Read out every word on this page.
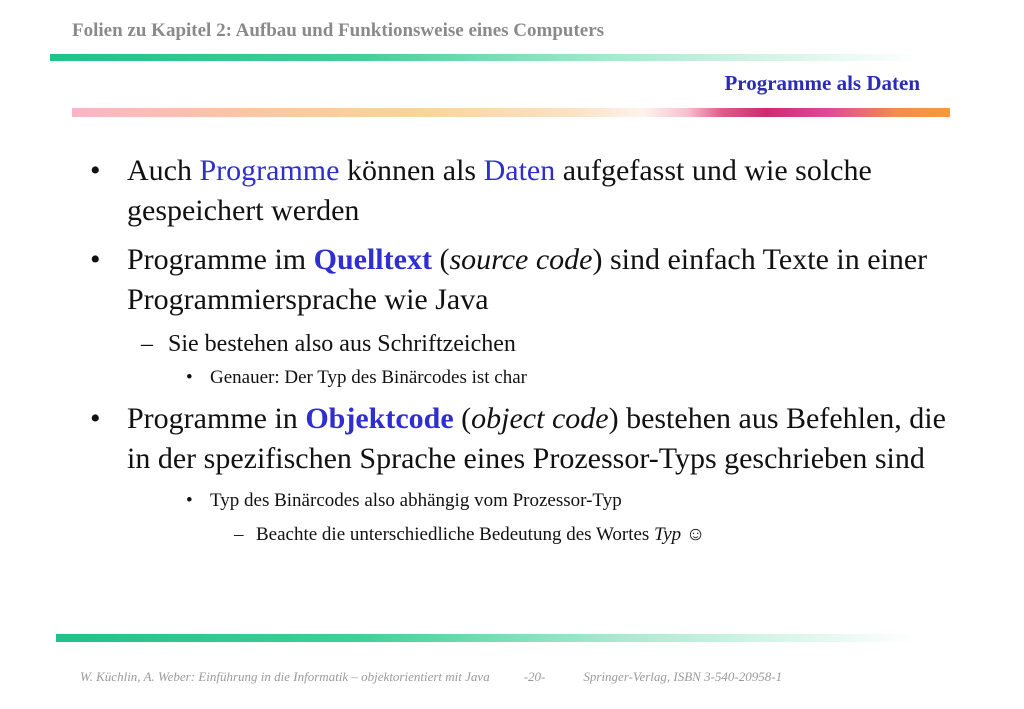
Folien zu Kapitel 2: Aufbau und Funktionsweise eines Computers
Programme als Daten
• Auch Programme können als Daten aufgefasst und wie solche gespeichert werden
• Programme im Quelltext (source code) sind einfach Texte in einer Programmiersprache wie Java
– Sie bestehen also aus Schriftzeichen
• Genauer: Der Typ des Binärcodes ist char
• Programme in Objektcode (object code) bestehen aus Befehlen, die in der spezifischen Sprache eines Prozessor-Typs geschrieben sind
• Typ des Binärcodes also abhängig vom Prozessor-Typ
– Beachte die unterschiedliche Bedeutung des Wortes Typ ☺
W. Küchlin, A. Weber: Einführung in die Informatik – objektorientiert mit Java	-20-	Springer-Verlag, ISBN 3-540-20958-1
